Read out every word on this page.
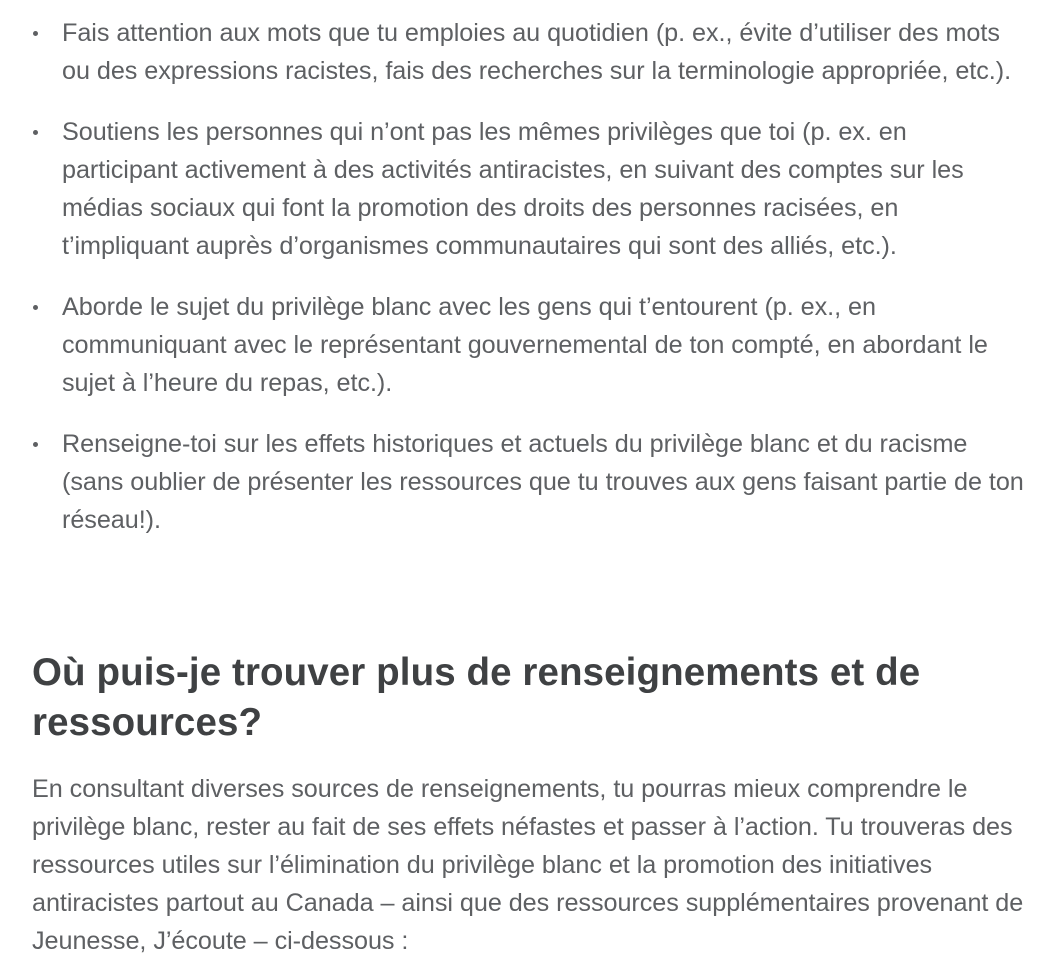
Fais attention aux mots que tu emploies au quotidien (p. ex., évite d’utiliser des mots ou des expressions racistes, fais des recherches sur la terminologie appropriée, etc.).
Soutiens les personnes qui n’ont pas les mêmes privilèges que toi (p. ex. en participant activement à des activités antiracistes, en suivant des comptes sur les médias sociaux qui font la promotion des droits des personnes racisées, en t’impliquant auprès d’organismes communautaires qui sont des alliés, etc.).
Aborde le sujet du privilège blanc avec les gens qui t’entourent (p. ex., en communiquant avec le représentant gouvernemental de ton compté, en abordant le sujet à l’heure du repas, etc.).
Renseigne-toi sur les effets historiques et actuels du privilège blanc et du racisme (sans oublier de présenter les ressources que tu trouves aux gens faisant partie de ton réseau!).
Où puis-je trouver plus de renseignements et de ressources?

En consultant diverses sources de renseignements, tu pourras mieux comprendre le privilège blanc, rester au fait de ses effets néfastes et passer à l’action. Tu trouveras des ressources utiles sur l’élimination du privilège blanc et la promotion des initiatives antiracistes partout au Canada – ainsi que des ressources supplémentaires provenant de Jeunesse, J’écoute – ci-dessous :
